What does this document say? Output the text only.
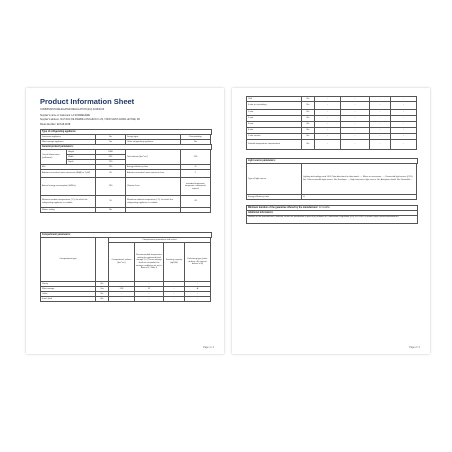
Product Information Sheet
COMMISSION DELEGATED REGULATION (EU) 2019/2016
Supplier's name or trademark: LA SOMMELIÈRE
Supplier's address: 30 ZI ZAC DE PIERRE LONGUE DU LUS, 73230 SAINT ALBAN LEYSSE, FR
Model identifier: ECS18.2Z2B
Type of refrigerating appliance:
Low-noise appliance	No	Design type:	Freestanding
Wine storage appliance	Yes	Other refrigerating appliance:	No
General product parameters:
Overall dimensions (millimetre)	Height	1860	Total volume (dm³ or l)	518
	Width	595		
	Depth	720		
EEI		125	Energy efficiency class	G
Airborne acoustical noise emissions (dB(A) re 1 pW)		39	Airborne acoustical noise emission class	C
Annual energy consumption (kWh/a)		130	Climate class:	extended temperate, temperate, subtropical, tropical
Minimum ambient temperature (°C), for which the refrigerating appliance is suitable		10	Maximum ambient temperature (°C), for which the refrigerating appliance is suitable	43
Winter setting		No		
Compartment parameters:
Compartment type		Compartment parameters and values			
		Compartment volume (dm³ or l)	Recommended temperature setting for optimised food storage (°C) These settings shall not contradict the storage conditions set out in Annex IV, Table 3	Freezing capacity (kg/24h)	Defrosting type (auto-defrost = A, manual defrost = M)
Pantry	No	-	-	-	-
Wine storage	Yes	518	12	-	A
Cellar	No	-	-	-	-
Fresh food	No	-	-	-	-
Page 1 / 2
Chill	No	-	-	-	-
0-star or ice-making	No	-	-	-	-
1-star	No	-	-	-	-
2-star	No	-	-	-	-
3-star	No	-	-	-	-
4-star	No	-	-	-	-
2-star section	No	-	-	-	-
Variable temperature compartment	No	-	-	-	-
Light source parameters:
Type of light source	Lighting technology used: LED; Non-directional or directional: ...; Mains or non-mains: ...; Connected light source (CLS): No; Colour-tuneable light source: No; Envelope: ...; High luminance light source: No; Anti-glare shield: No; Dimmable: ...
Energy efficiency class	G
Minimum duration of the guarantee offered by the manufacturer: 12 months
Additional information:
Weblink to the manufacturer's website, where the information in point 4(a) of Annex of Commission Regulation (EU) 2019/2019 is found: https://www.lasommeliere.fr
Page 2 / 2
